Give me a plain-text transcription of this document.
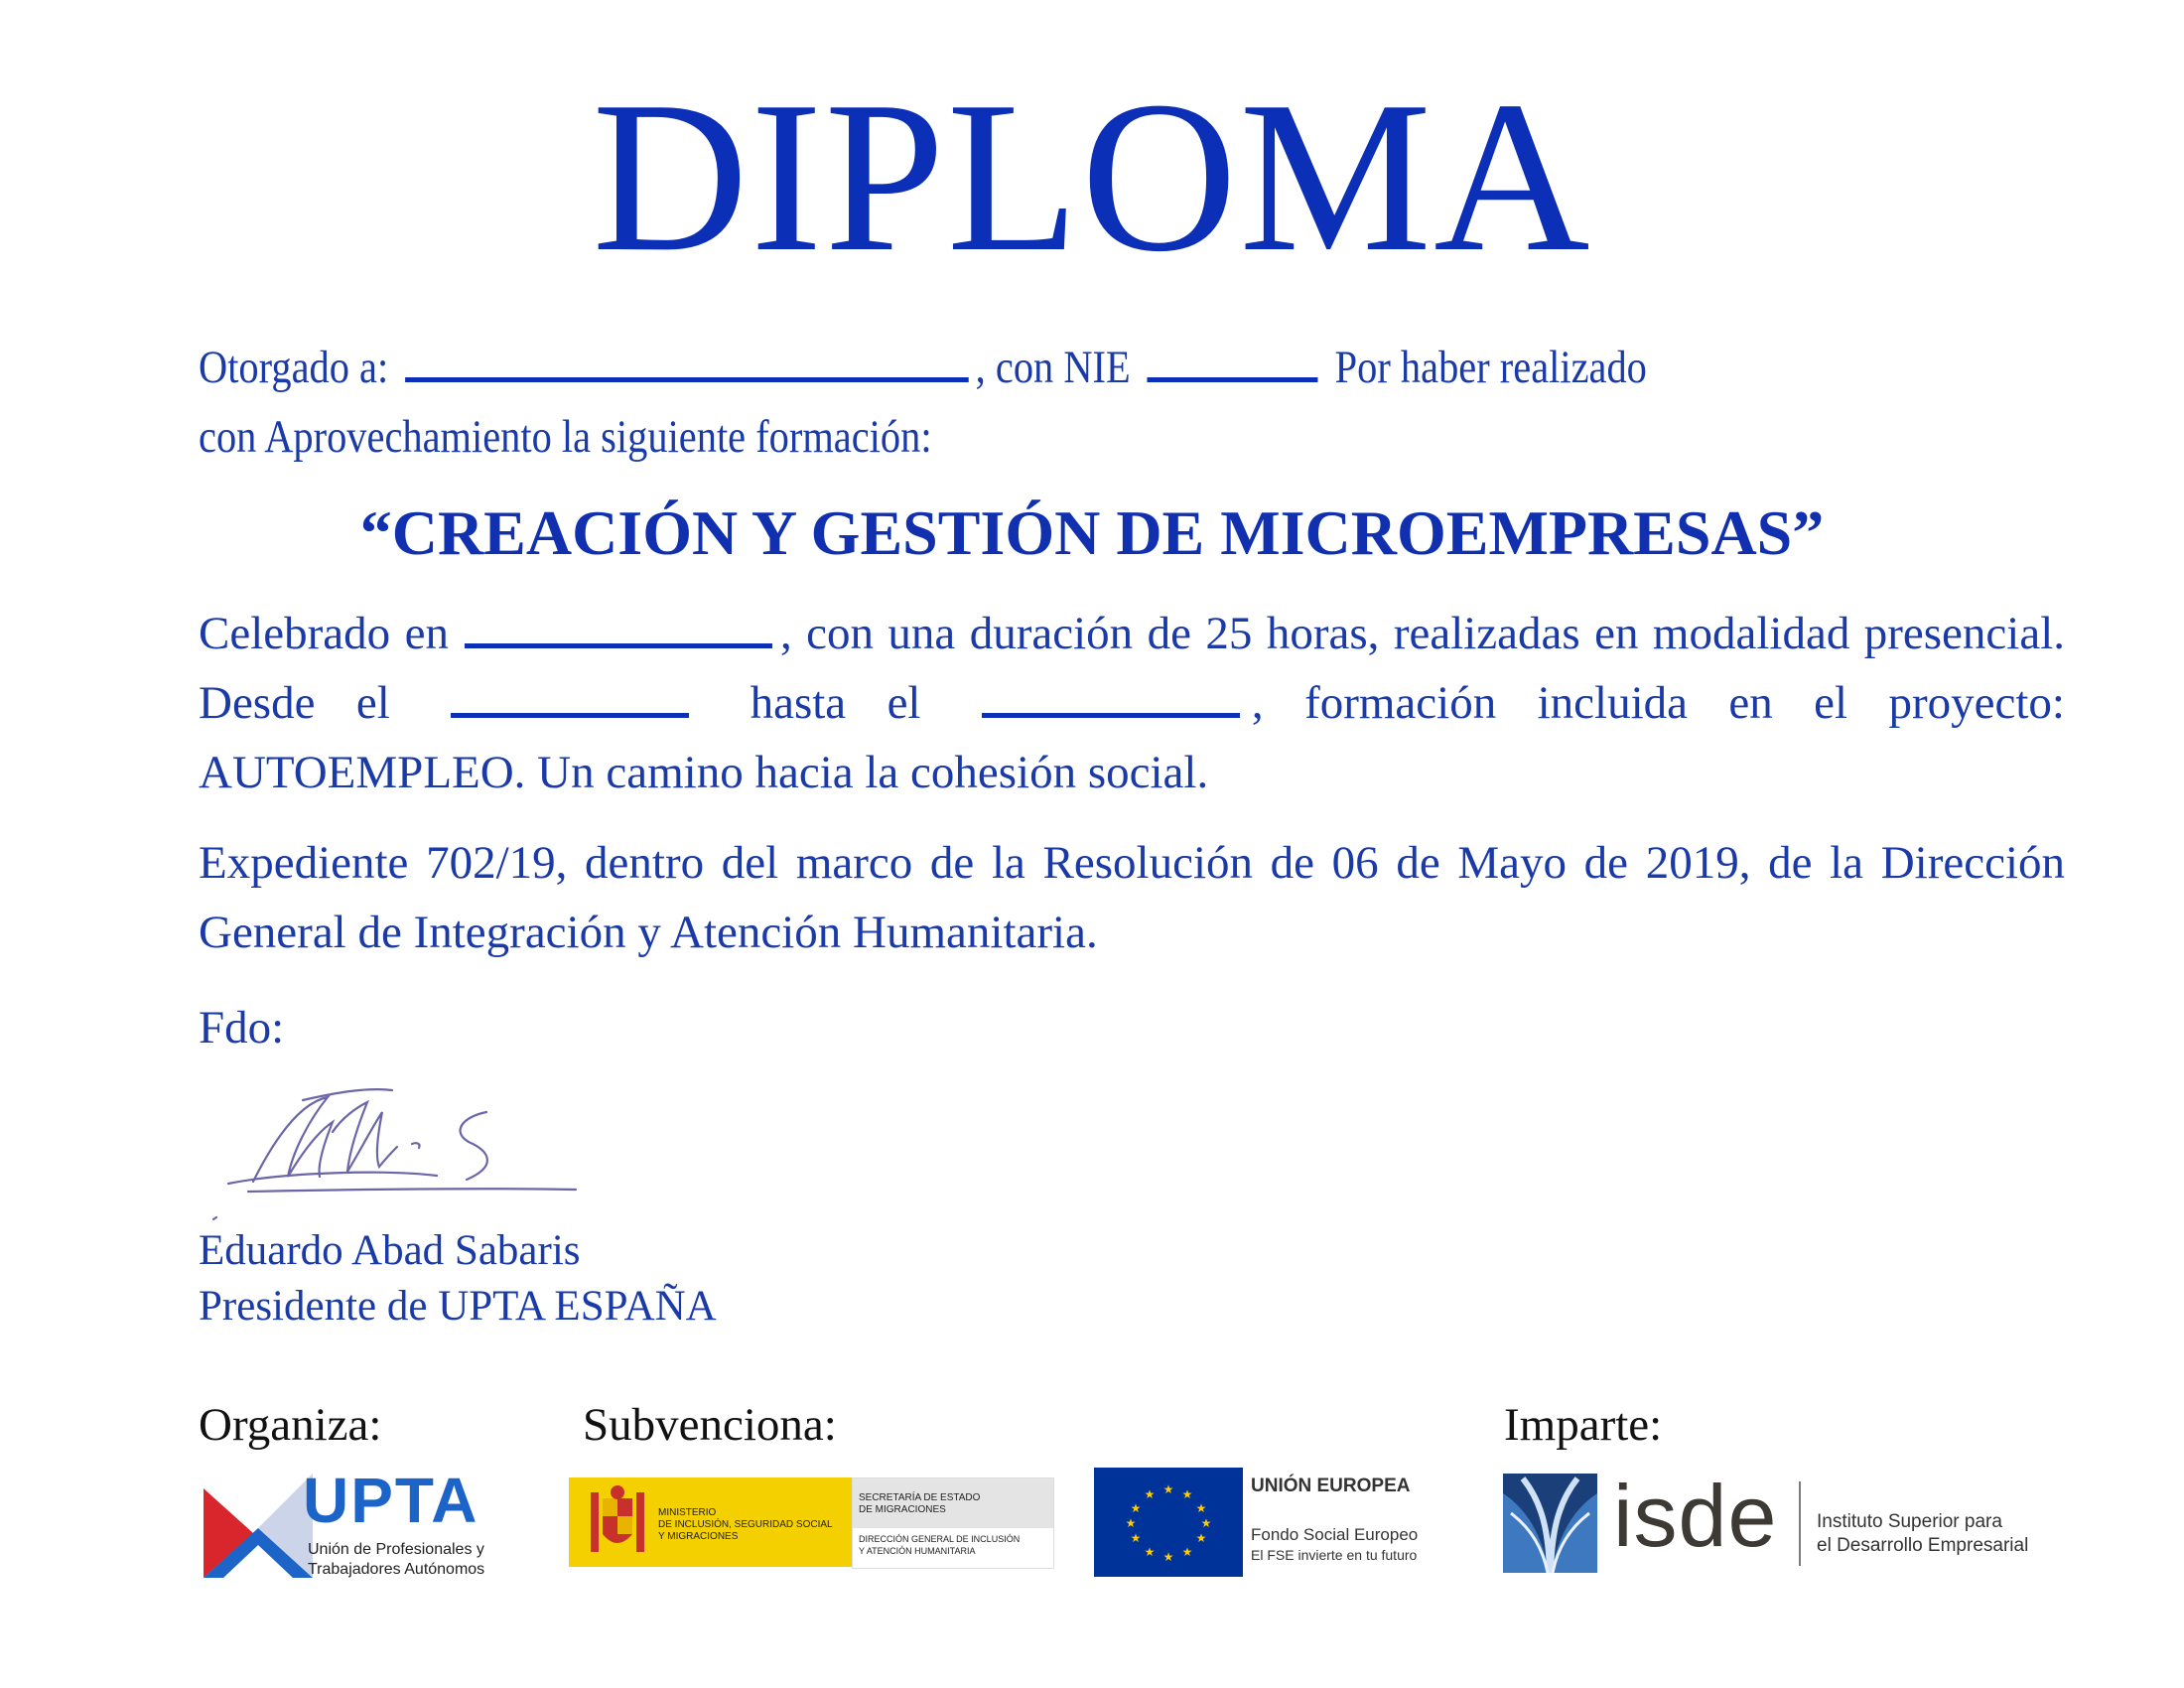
DIPLOMA
Otorgado a:	, con NIE	Por haber realizado
con Aprovechamiento la siguiente formación:
“CREACIÓN Y GESTIÓN DE MICROEMPRESAS”
Celebrado en	, con una duración de 25 horas, realizadas en modalidad presencial. Desde el	hasta el	, formación incluida en el proyecto: AUTOEMPLEO. Un camino hacia la cohesión social.
Expediente 702/19, dentro del marco de la Resolución de 06 de Mayo de 2019, de la Dirección General de Integración y Atención Humanitaria.
Fdo:
Eduardo Abad Sabaris
Presidente de UPTA ESPAÑA
Organiza:	Subvenciona:	Imparte:
UPTA
Unión de Profesionales y
Trabajadores Autónomos
MINISTERIO
DE INCLUSIÓN, SEGURIDAD SOCIAL
Y MIGRACIONES
SECRETARÍA DE ESTADO
DE MIGRACIONES
DIRECCIÓN GENERAL DE INCLUSIÓN
Y ATENCIÓN HUMANITARIA
★ ★
★
★
★
★
★
★
★
★
★
★	UNIÓN EUROPEA
Fondo Social Europeo
El FSE invierte en tu futuro isde Instituto Superior para
el Desarrollo Empresarial
